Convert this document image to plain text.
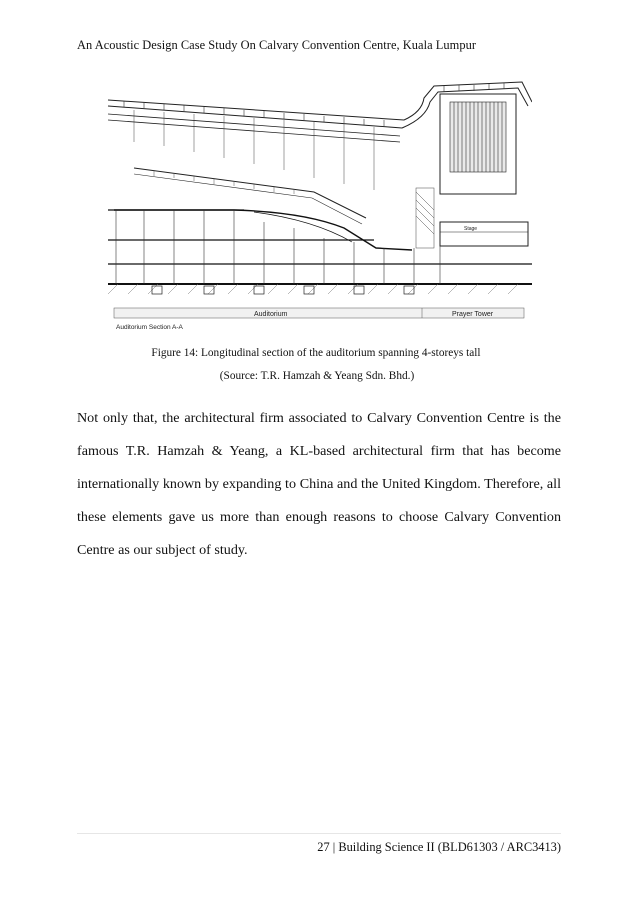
An Acoustic Design Case Study On Calvary Convention Centre, Kuala Lumpur
Stage
Auditorium	Prayer Tower
Auditorium Section A-A
Figure 14: Longitudinal section of the auditorium spanning 4-storeys tall
(Source: T.R. Hamzah & Yeang Sdn. Bhd.)
Not only that, the architectural firm associated to Calvary Convention Centre is the famous T.R. Hamzah & Yeang, a KL-based architectural firm that has become internationally known by expanding to China and the United Kingdom. Therefore, all these elements gave us more than enough reasons to choose Calvary Convention Centre as our subject of study.
27 | Building Science II (BLD61303 / ARC3413)
